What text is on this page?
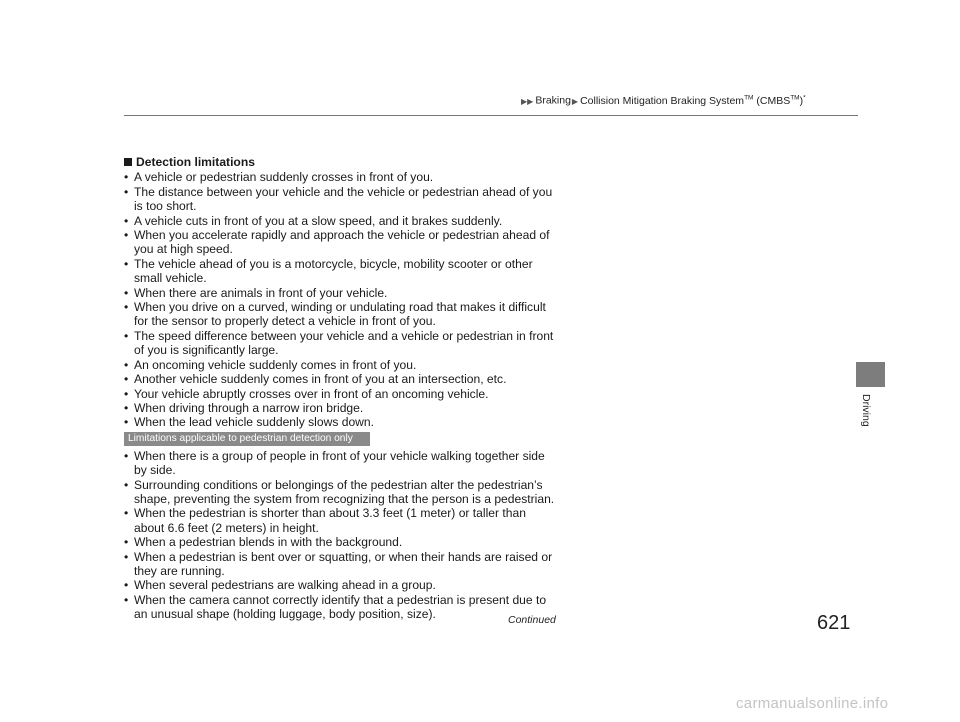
▶▶ Braking▶ Collision Mitigation Braking System™ (CMBS™)*
Driving
Detection limitations
• A vehicle or pedestrian suddenly crosses in front of you.
• The distance between your vehicle and the vehicle or pedestrian ahead of you is too short.
• A vehicle cuts in front of you at a slow speed, and it brakes suddenly.
• When you accelerate rapidly and approach the vehicle or pedestrian ahead of you at high speed.
• The vehicle ahead of you is a motorcycle, bicycle, mobility scooter or other small vehicle.
• When there are animals in front of your vehicle.
• When you drive on a curved, winding or undulating road that makes it difficult for the sensor to properly detect a vehicle in front of you.
• The speed difference between your vehicle and a vehicle or pedestrian in front of you is significantly large.
• An oncoming vehicle suddenly comes in front of you.
• Another vehicle suddenly comes in front of you at an intersection, etc.
• Your vehicle abruptly crosses over in front of an oncoming vehicle.
• When driving through a narrow iron bridge.
• When the lead vehicle suddenly slows down.
Limitations applicable to pedestrian detection only
• When there is a group of people in front of your vehicle walking together side by side.
• Surrounding conditions or belongings of the pedestrian alter the pedestrian’s shape, preventing the system from recognizing that the person is a pedestrian.
• When the pedestrian is shorter than about 3.3 feet (1 meter) or taller than about 6.6 feet (2 meters) in height.
• When a pedestrian blends in with the background.
• When a pedestrian is bent over or squatting, or when their hands are raised or they are running.
• When several pedestrians are walking ahead in a group.
• When the camera cannot correctly identify that a pedestrian is present due to an unusual shape (holding luggage, body position, size).	Continued	621
carmanualsonline.info
